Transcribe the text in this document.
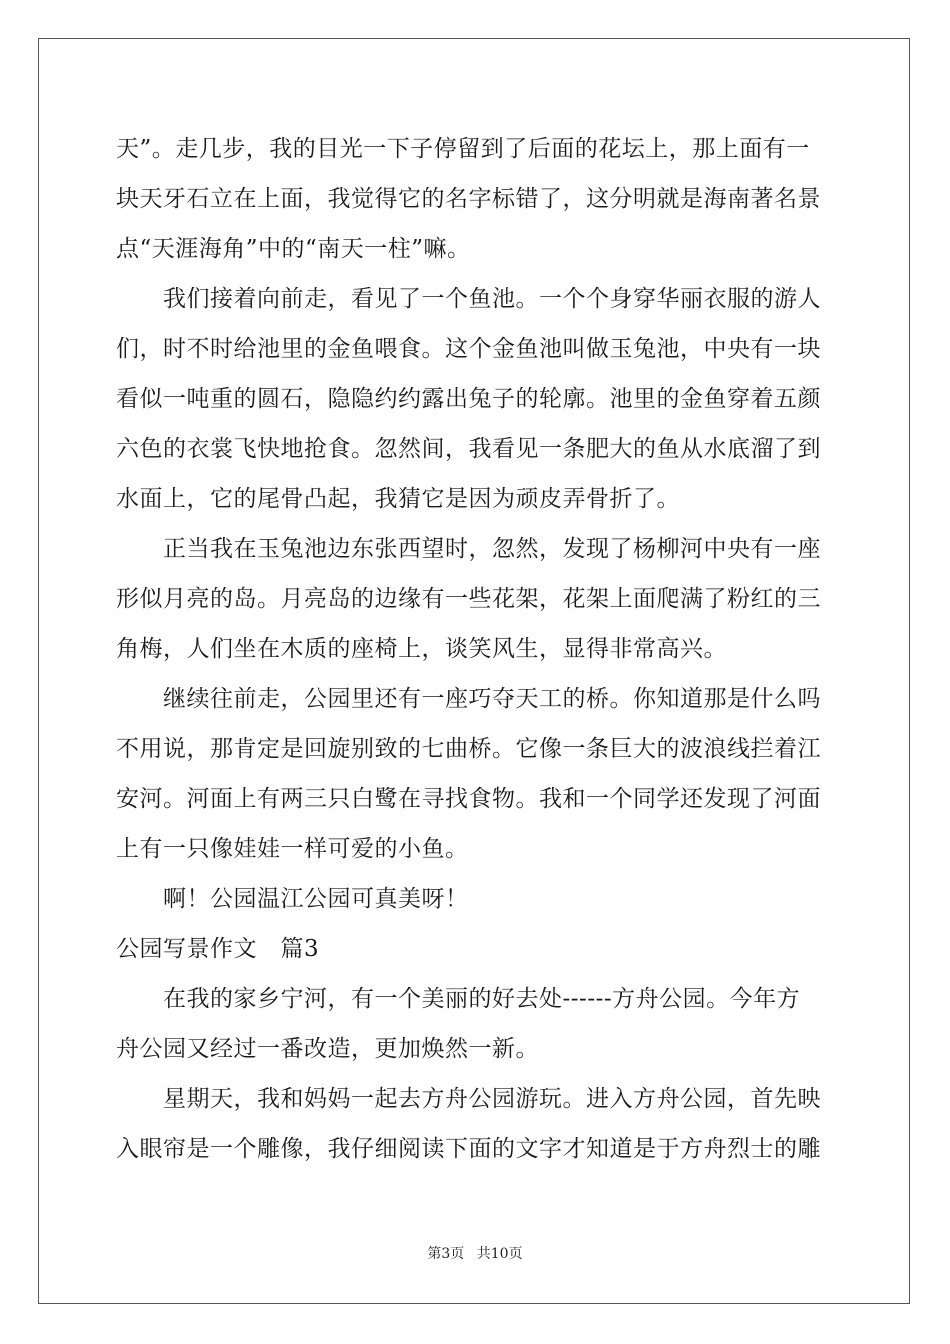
天”。走几步，我的目光一下子停留到了后面的花坛上，那上面有一
块天牙石立在上面，我觉得它的名字标错了，这分明就是海南著名景
点“天涯海角”中的“南天一柱”嘛。
　　我们接着向前走，看见了一个鱼池。一个个身穿华丽衣服的游人
们，时不时给池里的金鱼喂食。这个金鱼池叫做玉兔池，中央有一块
看似一吨重的圆石，隐隐约约露出兔子的轮廓。池里的金鱼穿着五颜
六色的衣裳飞快地抢食。忽然间，我看见一条肥大的鱼从水底溜了到
水面上，它的尾骨凸起，我猜它是因为顽皮弄骨折了。
　　正当我在玉兔池边东张西望时，忽然，发现了杨柳河中央有一座
形似月亮的岛。月亮岛的边缘有一些花架，花架上面爬满了粉红的三
角梅，人们坐在木质的座椅上，谈笑风生，显得非常高兴。
　　继续往前走，公园里还有一座巧夺天工的桥。你知道那是什么吗
不用说，那肯定是回旋别致的七曲桥。它像一条巨大的波浪线拦着江
安河。河面上有两三只白鹭在寻找食物。我和一个同学还发现了河面
上有一只像娃娃一样可爱的小鱼。
　　啊！公园温江公园可真美呀！
公园写景作文　篇3
　　在我的家乡宁河，有一个美丽的好去处------方舟公园。今年方
舟公园又经过一番改造，更加焕然一新。
　　星期天，我和妈妈一起去方舟公园游玩。进入方舟公园，首先映
入眼帘是一个雕像，我仔细阅读下面的文字才知道是于方舟烈士的雕
第3页 共10页
